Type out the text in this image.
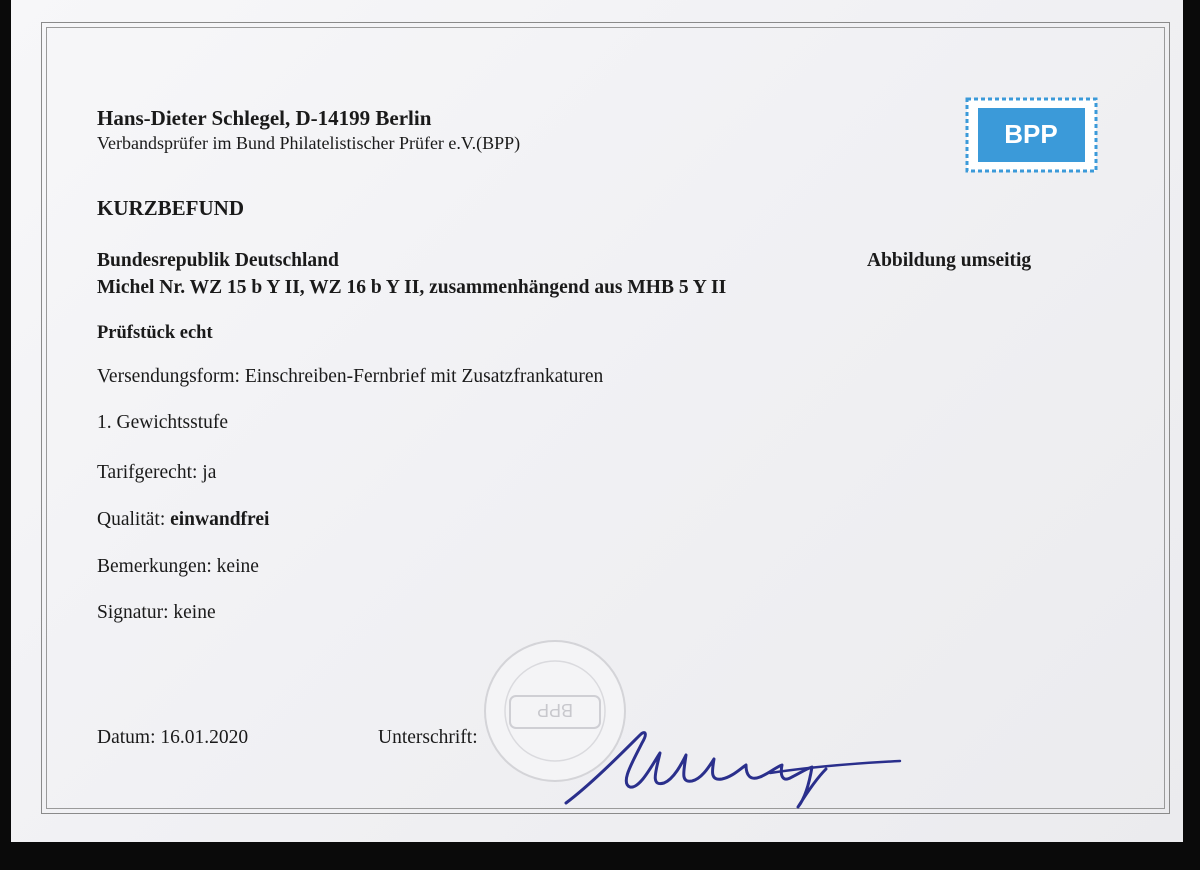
Hans-Dieter Schlegel, D-14199 Berlin
Verbandsprüfer im Bund Philatelistischer Prüfer e.V.(BPP)	BPP
KURZBEFUND
Bundesrepublik Deutschland	Abbildung umseitig
Michel Nr. WZ 15 b Y II, WZ 16 b Y II, zusammenhängend aus MHB 5 Y II
Prüfstück echt
Versendungsform: Einschreiben-Fernbrief mit Zusatzfrankaturen
1. Gewichtsstufe
Tarifgerecht: ja
Qualität: einwandfrei
Bemerkungen: keine
Signatur: keine
BPP
Datum: 16.01.2020	Unterschrift:
